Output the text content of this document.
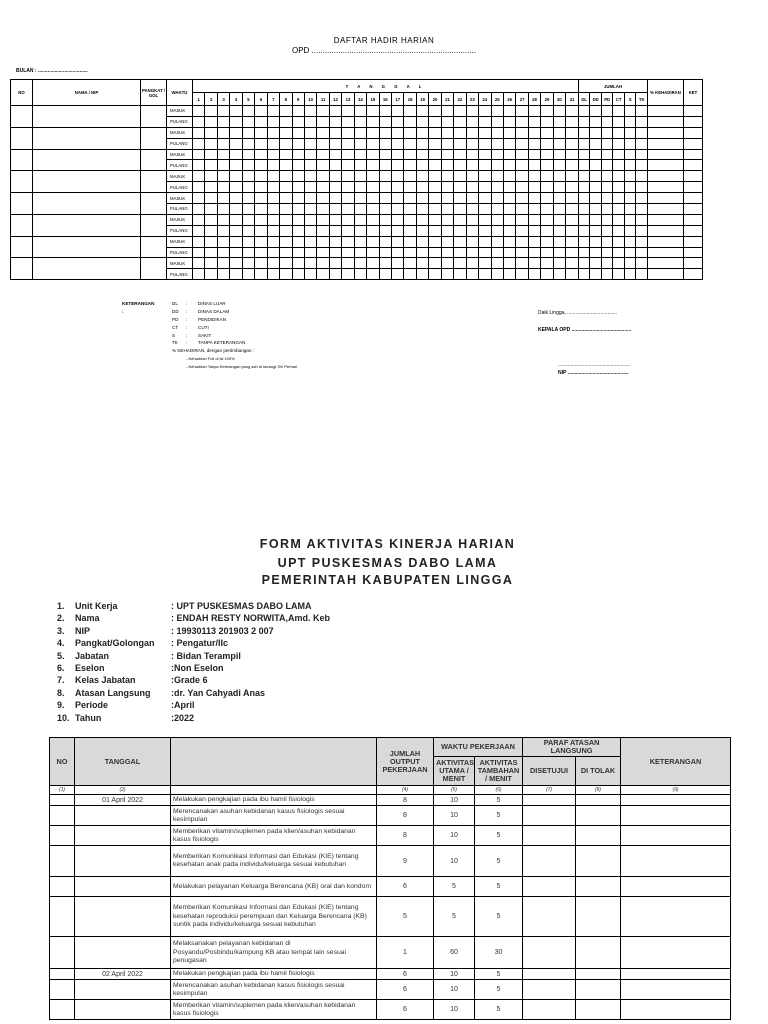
DAFTAR HADIR HARIAN
OPD ..........................................................................
BULAN : ....................................
NO	NAMA / NIP	PANGKAT / GOL	WAKTU	T A N G G A L																															JUMLAH						% KEHADIRAN	KET
				1	2	3	4	5	6	7	8	9	10	11	12	13	14	15	16	17	18	19	20	21	22	23	24	25	26	27	28	29	30	31	DL	DD	PD	CT	S	TK		
			MASUK																																							
			PULANG																																							
			MASUK																																							
			PULANG																																							
			MASUK																																							
			PULANG																																							
			MASUK																																							
			PULANG																																							
			MASUK																																							
			PULANG																																							
			MASUK																																							
			PULANG																																							
			MASUK																																							
			PULANG																																							
			MASUK																																							
			PULANG																																							
KETERANGAN :
DL : DINAS LUAR
DD : DINAS DALAM
PD : PENDIDIKAN
CT : CUTI
S : SAKIT
TK : TANPA KETERANGAN
% KEHADIRAN, dengan pertimbangan :
- Kehadiran Full di isi 100%
- Kehadiran Tanpa Keterangan yang sah di kurangi 3% Perhari
Daik Lingga, ....................................
KEPALA OPD ...........................................
....................................................
NIP ............................................
FORM AKTIVITAS KINERJA HARIAN
UPT PUSKESMAS DABO LAMA
PEMERINTAH KABUPATEN LINGGA
1. Unit Kerja	: UPT PUSKESMAS DABO LAMA
2. Nama	: ENDAH RESTY NORWITA,Amd. Keb
3. NIP	: 19930113 201903 2 007
4. Pangkat/Golongan : Pengatur/IIc
5. Jabatan	: Bidan Terampil
6. Eselon	:Non Eselon
7. Kelas Jabatan	:Grade 6
8. Atasan Langsung :dr. Yan Cahyadi Anas
9. Periode	:April
10. Tahun	:2022
NO	TANGGAL		JUMLAH OUTPUT PEKERJAAN	WAKTU PEKERJAAN		PARAF ATASAN LANGSUNG		KETERANGAN
				AKTIVITAS UTAMA / MENIT	AKTIVITAS TAMBAHAN / MENIT	DISETUJUI	DI TOLAK	
(1)	(2)		(4)	(5)	(6)	(7)	(8)	(9)
	01 April 2022	Melakukan pengkajian pada ibu hamil fisiologis	8	10	5			
		Merencanakan asuhan kebidanan kasus fisiologis sesuai kesimpulan	8	10	5			
		Memberikan vitamin/suplemen pada klien/asuhan kebidanan kasus fisiologis	8	10	5			
		Memberikan Komunikasi Informasi dan Edukasi (KIE) tentang kesehatan anak pada individu/keluarga sesuai kebutuhan	9	10	5			
		Melakukan pelayanan Keluarga Berencana (KB) oral dan kondom	6	5	5			
		Memberikan Komunikasi Informasi dan Edukasi (KIE) tentang kesehatan reproduksi perempuan dan Keluarga Berencana (KB) suntik pada individu/keluarga sesuai kebutuhan	5	5	5			
		Melaksanakan pelayanan kebidanan di Posyandu/Posbindu/kampung KB atau tempat lain sesuai penugasan	1	60	30			
	02 April 2022	Melakukan pengkajian pada ibu hamil fisiologis	6	10	5			
		Merencanakan asuhan kebidanan kasus fisiologis sesuai kesimpulan	6	10	5			
		Memberikan vitamin/suplemen pada klien/asuhan kebidanan kasus fisiologis	6	10	5			
